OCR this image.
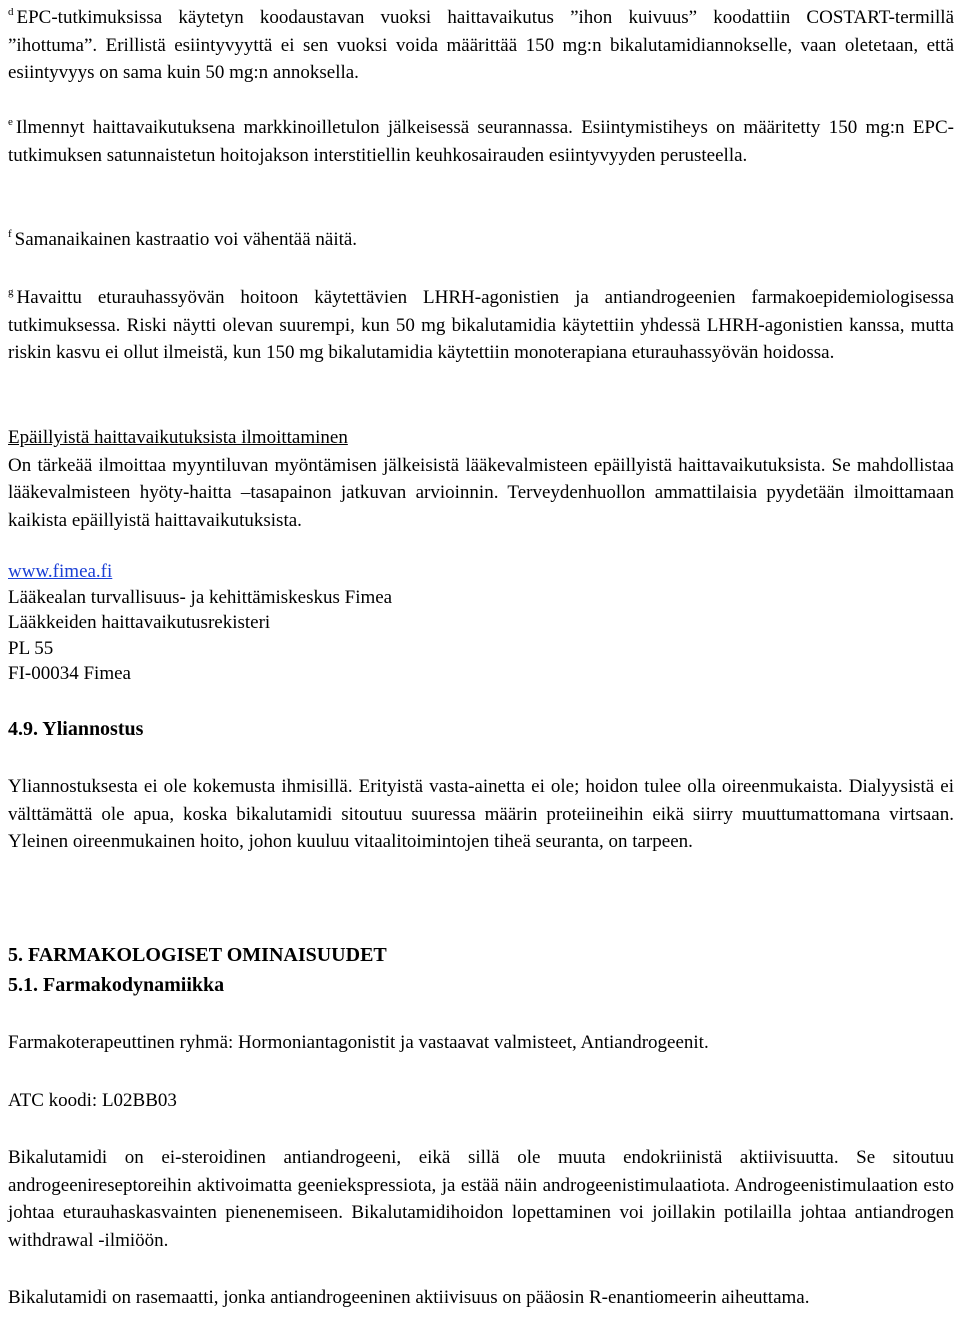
$^d$ EPC-tutkimuksissa käytetyn koodaustavan vuoksi haittavaikutus ”ihon kuivuus” koodattiin COSTART-termillä ”ihottuma”. Erillistä esiintyvyyttä ei sen vuoksi voida määrittää 150 mg:n bikalutamidiannokselle, vaan oletetaan, että esiintyvyys on sama kuin 50 mg:n annoksella.
$^e$ Ilmennyt haittavaikutuksena markkinoilletulon jälkeisessä seurannassa. Esiintymistiheys on määritetty 150 mg:n EPC-tutkimuksen satunnaistetun hoitojakson interstitiellin keuhkosairauden esiintyvyyden perusteella.
$^f$ Samanaikainen kastraatio voi vähentää näitä.
$^g$ Havaittu eturauhassyövän hoitoon käytettävien LHRH-agonistien ja antiandrogeenien farmakoepidemiologisessa tutkimuksessa. Riski näytti olevan suurempi, kun 50 mg bikalutamidia käytettiin yhdessä LHRH-agonistien kanssa, mutta riskin kasvu ei ollut ilmeistä, kun 150 mg bikalutamidia käytettiin monoterapiana eturauhassyövän hoidossa.
Epäillyistä haittavaikutuksista ilmoittaminen
On tärkeää ilmoittaa myyntiluvan myöntämisen jälkeisistä lääkevalmisteen epäillyistä haittavaikutuksista. Se mahdollistaa lääkevalmisteen hyöty-haitta –tasapainon jatkuvan arvioinnin. Terveydenhuollon ammattilaisia pyydetään ilmoittamaan kaikista epäillyistä haittavaikutuksista.
www.fimea.fi
Lääkealan turvallisuus- ja kehittämiskeskus Fimea
Lääkkeiden haittavaikutusrekisteri
PL 55
FI-00034 Fimea
4.9. Yliannostus
Yliannostuksesta ei ole kokemusta ihmisillä. Erityistä vasta-ainetta ei ole; hoidon tulee olla oireenmukaista. Dialyysistä ei välttämättä ole apua, koska bikalutamidi sitoutuu suuressa määrin proteiineihin eikä siirry muuttumattomana virtsaan. Yleinen oireenmukainen hoito, johon kuuluu vitaalitoimintojen tiheä seuranta, on tarpeen.
5. FARMAKOLOGISET OMINAISUUDET
5.1. Farmakodynamiikka
Farmakoterapeuttinen ryhmä: Hormoniantagonistit ja vastaavat valmisteet, Antiandrogeenit.
ATC koodi: L02BB03
Bikalutamidi on ei-steroidinen antiandrogeeni, eikä sillä ole muuta endokriinistä aktiivisuutta. Se sitoutuu androgeenireseptoreihin aktivoimatta geeniekspressiota, ja estää näin androgeenistimulaatiota. Androgeenistimulaation esto johtaa eturauhaskasvainten pienenemiseen. Bikalutamidihoidon lopettaminen voi joillakin potilailla johtaa antiandrogen withdrawal -ilmiöön.
Bikalutamidi on rasemaatti, jonka antiandrogeeninen aktiivisuus on pääosin R-enantiomeerin aiheuttama.
